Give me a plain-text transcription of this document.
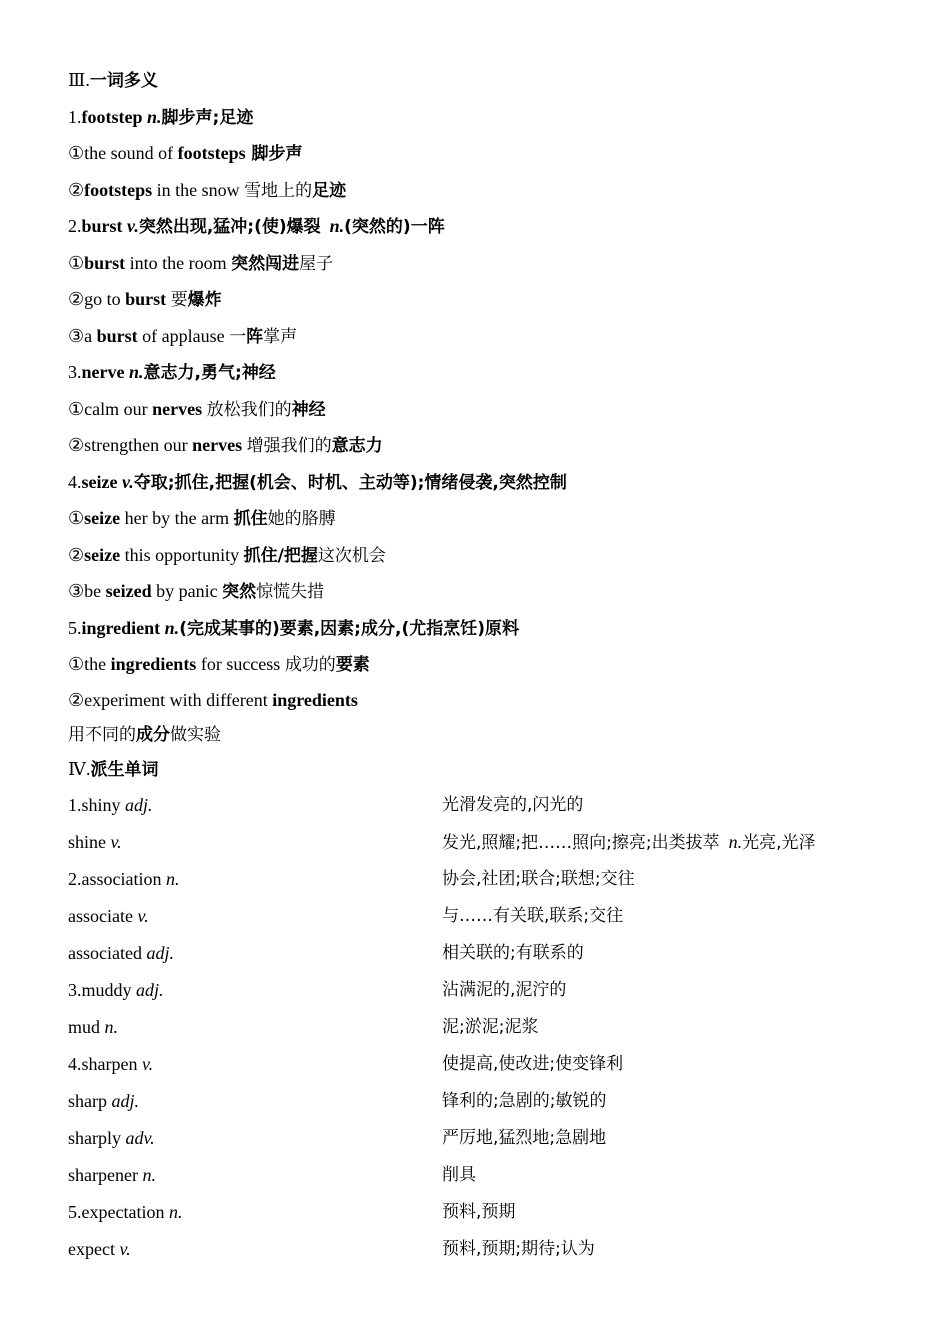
Ⅲ.一词多义
1.footstep n.脚步声;足迹
①the sound of footsteps 脚步声
②footsteps in the snow 雪地上的足迹
2.burst v.突然出现,猛冲;(使)爆裂 n.(突然的)一阵
①burst into the room 突然闯进屋子
②go to burst 要爆炸
③a burst of applause 一阵掌声
3.nerve n.意志力,勇气;神经
①calm our nerves 放松我们的神经
②strengthen our nerves 增强我们的意志力
4.seize v.夺取;抓住,把握(机会、时机、主动等);情绪侵袭,突然控制
①seize her by the arm 抓住她的胳膊
②seize this opportunity 抓住/把握这次机会
③be seized by panic 突然惊慌失措
5.ingredient n.(完成某事的)要素,因素;成分,(尤指烹饪)原料
①the ingredients for success 成功的要素
②experiment with different ingredients
用不同的成分做实验
Ⅳ.派生单词
1.shiny adj.	光滑发亮的,闪光的
shine v.	发光,照耀;把……照向;擦亮;出类拔萃 n.光亮,光泽
2.association n.	协会,社团;联合;联想;交往
associate v.	与……有关联,联系;交往
associated adj.	相关联的;有联系的
3.muddy adj.	沾满泥的,泥泞的
mud n.	泥;淤泥;泥浆
4.sharpen v.	使提高,使改进;使变锋利
sharp adj.	锋利的;急剧的;敏锐的
sharply adv.	严厉地,猛烈地;急剧地
sharpener n.	削具
5.expectation n.	预料,预期
expect v.	预料,预期;期待;认为
